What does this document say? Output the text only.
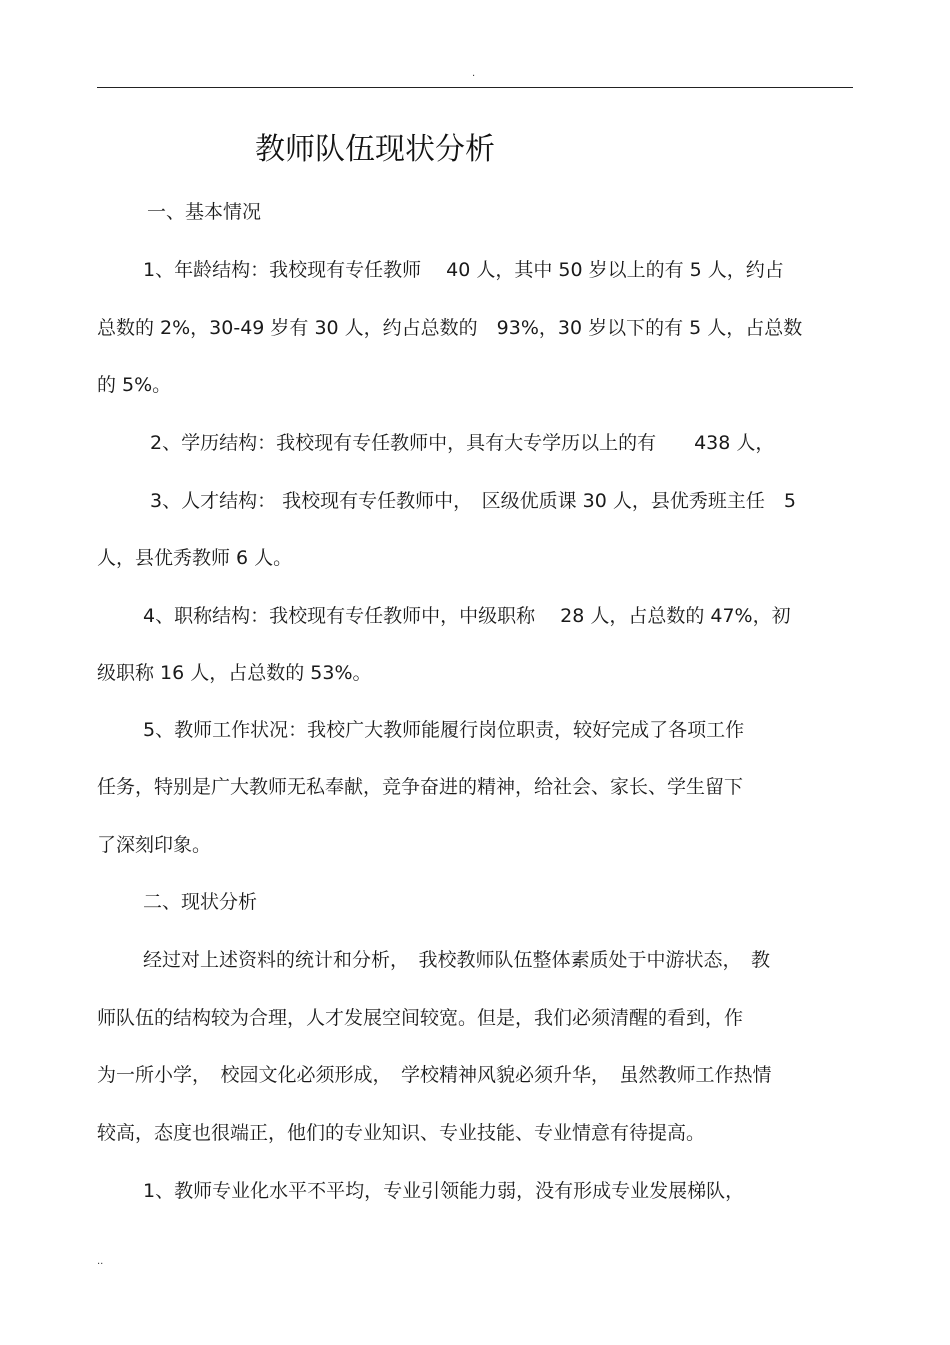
.
教师队伍现状分析
一、基本情况
1、年龄结构：我校现有专任教师　 40 人，其中 50 岁以上的有 5 人，约占
总数的 2%，30-49 岁有 30 人，约占总数的　93%，30 岁以下的有 5 人，占总数
的 5%。
2、学历结构：我校现有专任教师中，具有大专学历以上的有　　438 人，
3、人才结构： 我校现有专任教师中，　区级优质课 30 人，县优秀班主任　5
人，县优秀教师 6 人。
4、职称结构：我校现有专任教师中，中级职称　 28 人，占总数的 47%，初
级职称 16 人，占总数的 53%。
5、教师工作状况：我校广大教师能履行岗位职责，较好完成了各项工作
任务，特别是广大教师无私奉献，竞争奋进的精神，给社会、家长、学生留下
了深刻印象。
二、现状分析
经过对上述资料的统计和分析，　我校教师队伍整体素质处于中游状态，　教
师队伍的结构较为合理，人才发展空间较宽。但是，我们必须清醒的看到，作
为一所小学，　校园文化必须形成，　学校精神风貌必须升华，　虽然教师工作热情
较高，态度也很端正，他们的专业知识、专业技能、专业情意有待提高。
1、教师专业化水平不平均，专业引领能力弱，没有形成专业发展梯队，
..
